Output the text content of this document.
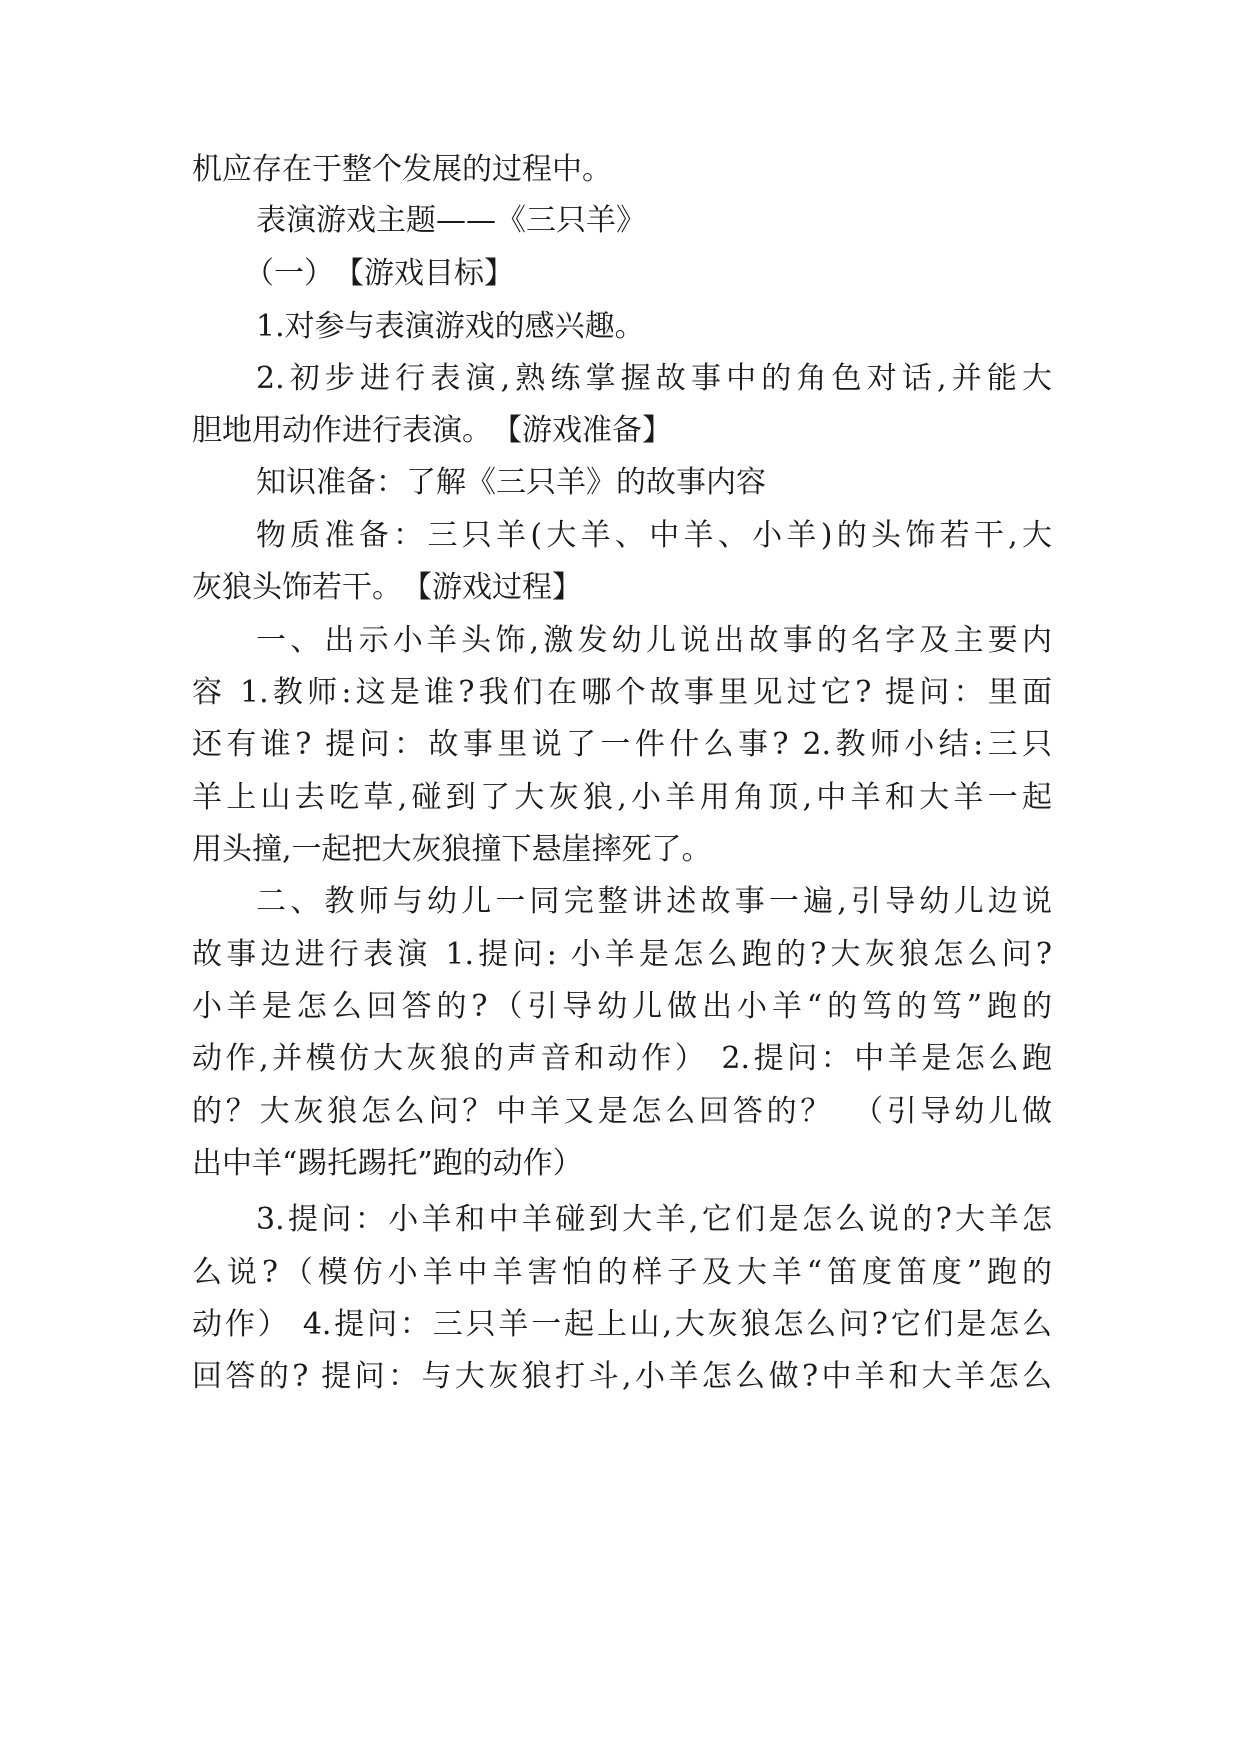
机应存在于整个发展的过程中。
表演游戏主题——《三只羊》
（一）　【游戏目标】
1.对参与表演游戏的感兴趣。
2.初步进行表演,熟练掌握故事中的角色对话,并能大
胆地用动作进行表演。　【游戏准备】
知识准备：了解《三只羊》的故事内容
物质准备：三只羊(大羊、中羊、小羊)的头饰若干,大
灰狼头饰若干。　【游戏过程】
一、出示小羊头饰,激发幼儿说出故事的名字及主要内
容 1.教师:这是谁?我们在哪个故事里见过它? 提问：里面
还有谁? 提问：故事里说了一件什么事? 2.教师小结:三只
羊上山去吃草,碰到了大灰狼,小羊用角顶,中羊和大羊一起
用头撞,一起把大灰狼撞下悬崖摔死了。
二、教师与幼儿一同完整讲述故事一遍,引导幼儿边说
故事边进行表演 1.提问: 小羊是怎么跑的?大灰狼怎么问?
小羊是怎么回答的?（引导幼儿做出小羊“的笃的笃”跑的
动作,并模仿大灰狼的声音和动作） 2.提问：中羊是怎么跑
的？大灰狼怎么问？中羊又是怎么回答的？　（引导幼儿做
出中羊“踢托踢托”跑的动作）
3.提问：小羊和中羊碰到大羊,它们是怎么说的?大羊怎
么说?（模仿小羊中羊害怕的样子及大羊“笛度笛度”跑的
动作） 4.提问：三只羊一起上山,大灰狼怎么问?它们是怎么
回答的? 提问：与大灰狼打斗,小羊怎么做?中羊和大羊怎么
